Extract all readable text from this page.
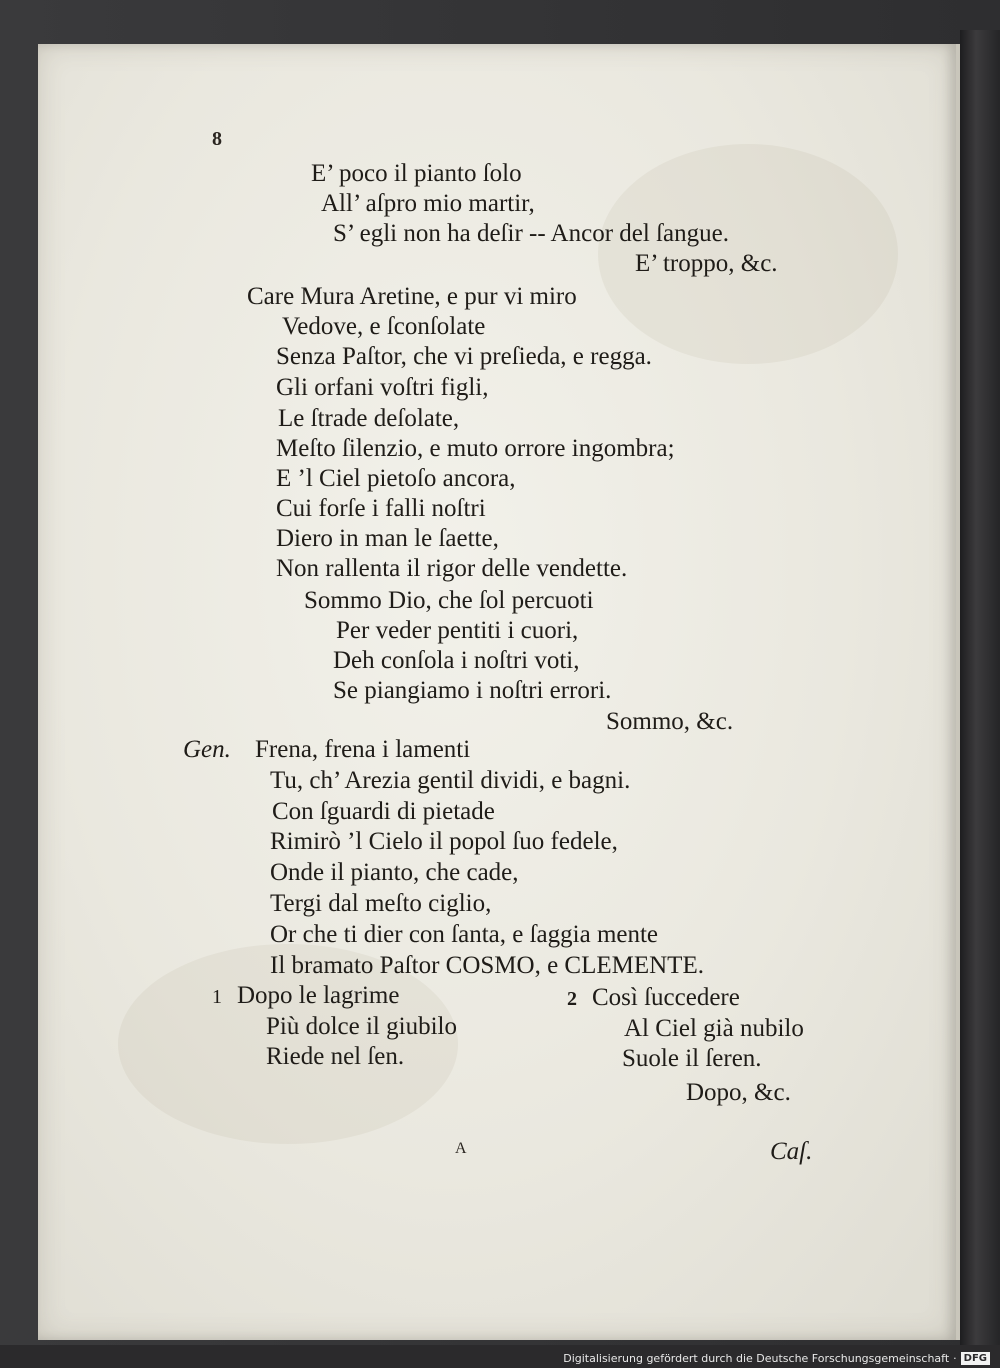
8
E’ poco il pianto ſolo
All’ aſpro mio martir,
S’ egli non ha deſir -- Ancor del ſangue.
E’ troppo, &c.
Care Mura Aretine, e pur vi miro
Vedove, e ſconſolate
Senza Paſtor, che vi preſieda, e regga.
Gli orfani voſtri figli,
Le ſtrade deſolate,
Meſto ſilenzio, e muto orrore ingombra;
E ’l Ciel pietoſo ancora,
Cui forſe i falli noſtri
Diero in man le ſaette,
Non rallenta il rigor delle vendette.
Sommo Dio, che ſol percuoti
Per veder pentiti i cuori,
Deh conſola i noſtri voti,
Se piangiamo i noſtri errori.
Sommo, &c.
Gen. Frena, frena i lamenti
Tu, ch’ Arezia gentil dividi, e bagni.
Con ſguardi di pietade
Rimirò ’l Cielo il popol ſuo fedele,
Onde il pianto, che cade,
Tergi dal meſto ciglio,
Or che ti dier con ſanta, e ſaggia mente
Il bramato Paſtor COSMO, e CLEMENTE.
1 Dopo le lagrime
Più dolce il giubilo
Riede nel ſen.
2 Così ſuccedere
Al Ciel già nubilo
Suole il ſeren.
Dopo, &c.
A	Caſ.
Digitalisierung gefördert durch die Deutsche Forschungsgemeinschaft · DFG
